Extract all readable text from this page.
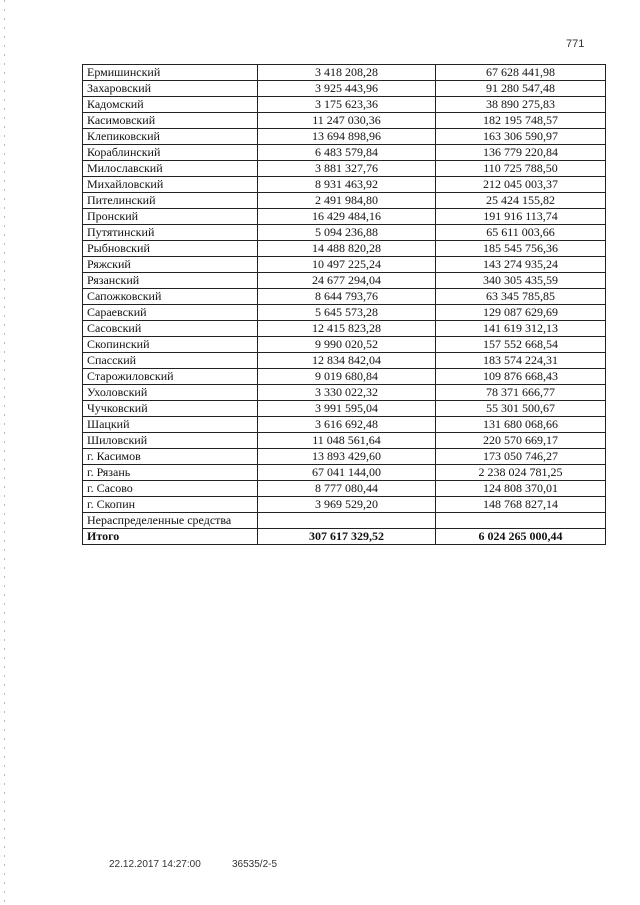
771
Ермишинский	3 418 208,28	67 628 441,98
Захаровский	3 925 443,96	91 280 547,48
Кадомский	3 175 623,36	38 890 275,83
Касимовский	11 247 030,36	182 195 748,57
Клепиковский	13 694 898,96	163 306 590,97
Кораблинский	6 483 579,84	136 779 220,84
Милославский	3 881 327,76	110 725 788,50
Михайловский	8 931 463,92	212 045 003,37
Пителинский	2 491 984,80	25 424 155,82
Пронский	16 429 484,16	191 916 113,74
Путятинский	5 094 236,88	65 611 003,66
Рыбновский	14 488 820,28	185 545 756,36
Ряжский	10 497 225,24	143 274 935,24
Рязанский	24 677 294,04	340 305 435,59
Сапожковский	8 644 793,76	63 345 785,85
Сараевский	5 645 573,28	129 087 629,69
Сасовский	12 415 823,28	141 619 312,13
Скопинский	9 990 020,52	157 552 668,54
Спасский	12 834 842,04	183 574 224,31
Старожиловский	9 019 680,84	109 876 668,43
Ухоловский	3 330 022,32	78 371 666,77
Чучковский	3 991 595,04	55 301 500,67
Шацкий	3 616 692,48	131 680 068,66
Шиловский	11 048 561,64	220 570 669,17
г. Касимов	13 893 429,60	173 050 746,27
г. Рязань	67 041 144,00	2 238 024 781,25
г. Сасово	8 777 080,44	124 808 370,01
г. Скопин	3 969 529,20	148 768 827,14
Нераспределенные средства		
Итого	307 617 329,52	6 024 265 000,44
22.12.2017 14:27:00	36535/2-5
